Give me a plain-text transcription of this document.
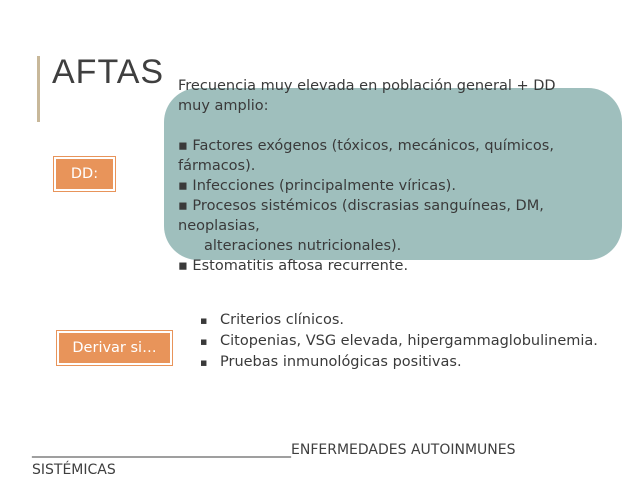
AFTAS Frecuencia muy elevada en población general + DD
muy amplio:

▪ Factores exógenos (tóxicos, mecánicos, químicos,
fármacos).
▪ Infecciones (principalmente víricas).
▪ Procesos sistémicos (discrasias sanguíneas, DM,
neoplasias,
alteraciones nutricionales).
▪ Estomatitis aftosa recurrente.
DD:
Derivar si…
▪ Criterios clínicos.
▪ Citopenias, VSG elevada, hipergammaglobulinemia.
▪ Pruebas inmunológicas positivas.
_____________________________________ENFERMEDADES AUTOINMUNES SISTÉMICAS
